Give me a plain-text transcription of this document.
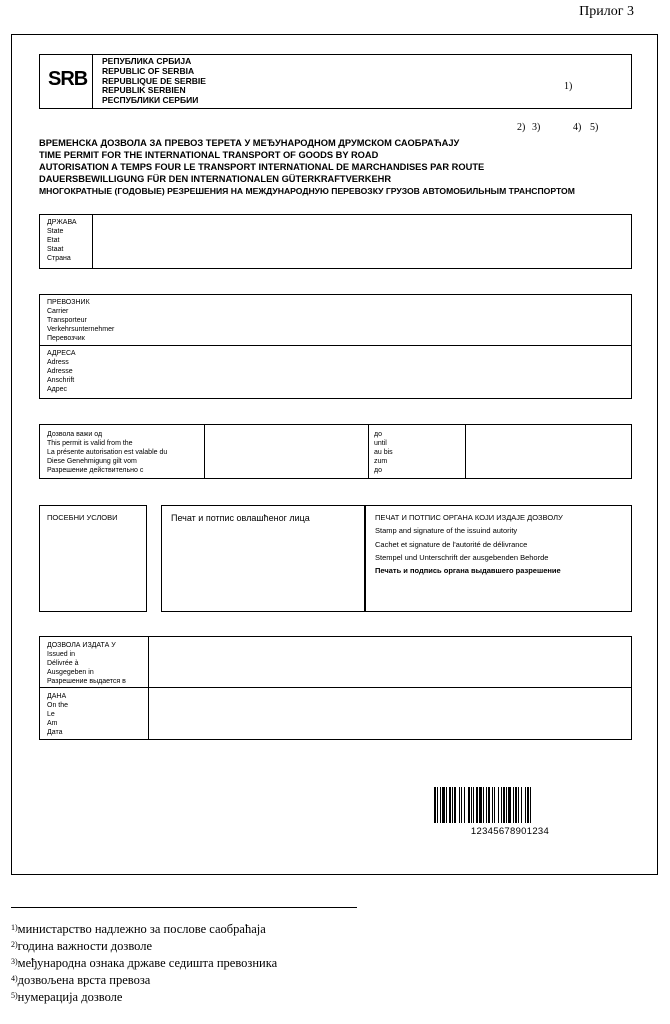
Прилог 3
SRB
РЕПУБЛИКА СРБИЈА
REPUBLIC OF SERBIA
REPUBLIQUE DE SERBIE
REPUBLIK SERBIEN
РЕСПУБЛИКИ СЕРБИИ
1)
2) 3)	4) 5)
ВРЕМЕНСКА ДОЗВОЛА ЗА ПРЕВОЗ ТЕРЕТА У МЕЂУНАРОДНОМ ДРУМСКОМ САОБРАЋАЈУ
TIME PERMIT FOR THE INTERNATIONAL TRANSPORT OF GOODS BY ROAD
AUTORISATION A TEMPS FOUR LE TRANSPORT INTERNATIONAL DE MARCHANDISES PAR ROUTE
DAUERSBEWILLIGUNG FÜR DEN INTERNATIONALEN GÜTERKRAFTVERKEHR
МНОГОКРАТНЫЕ (ГОДОВЫЕ) РЕЗРЕШЕНИЯ НА МЕЖДУНАРОДНУЮ ПЕРЕВОЗКУ ГРУЗОВ АВТОМОБИЛЬНЫМ ТРАНСПОРТОМ
ДРЖАВА
State
Etat
Staat
Страна
ПРЕВОЗНИК
Carrier
Transporteur
Verkehrsunternehmer
Перевозчик
АДРЕСА
Adress
Adresse
Anschrift
Адрес
Дозвола важи од
This permit is valid from the
La présente autorisation est valable du
Diese Genehmigung gilt vom
Разрешение действительно с
до
until
au bis
zum
до
ПОСЕБНИ УСЛОВИ	Печат и потпис овлашћеног лица	ПЕЧАТ И ПОТПИС ОРГАНА КОЈИ ИЗДАЈЕ ДОЗВОЛУ
Stamp and signature of the issuind autority
Cachet et signature de l'autorité de délivrance
Stempel und Unterschrift der ausgebenden Behorde
Печать и подпись органа выдавшего разрешение
ДОЗВОЛА ИЗДАТА У
Issued in
Délivrée à
Ausgegeben in
Разрешение выдается в
ДАНА
On the
Le
Am
Дата
12345678901234
$^{1)}$министарство надлежно за послове саобраћаја
$^{2)}$година важности дозволе
$^{3)}$међународна ознака државе седишта превозника
$^{4)}$дозвољена врста превоза
$^{5)}$нумерација дозволе
